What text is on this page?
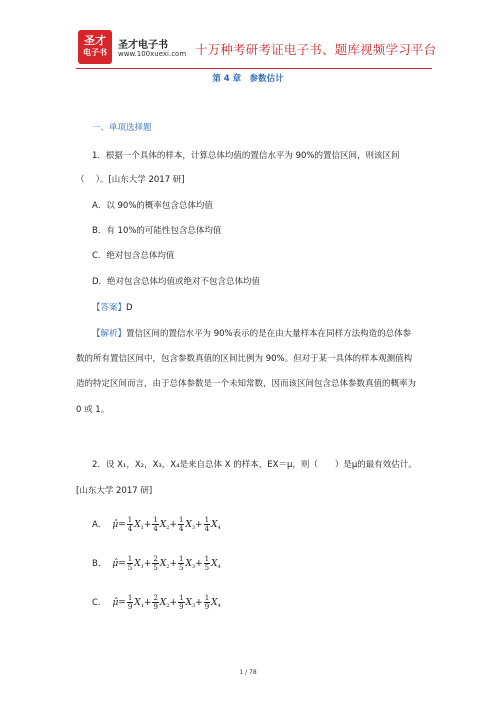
圣才
电子书
圣才电子书
www.100xuexi.com 十万种考研考证电子书、题库视频学习平台
第 4 章　参数估计
一、单项选择题
1．根据一个具体的样本，计算总体均值的置信水平为 90%的置信区间，则该区间
（　 ）。[山东大学 2017 研]
A．以 90%的概率包含总体均值
B．有 10%的可能性包含总体均值
C．绝对包含总体均值
D．绝对包含总体均值或绝对不包含总体均值
【答案】D
【解析】置信区间的置信水平为 90%表示的是在由大量样本在同样方法构造的总体参
数的所有置信区间中，包含参数真值的区间比例为 90%。但对于某一具体的样本观测值构
造的特定区间而言，由于总体参数是一个未知常数，因而该区间包含总体参数真值的概率为
0 或 1。
2．设 X₁，X₂，X₃，X₄是来自总体 X 的样本，EX＝μ，则（　　）是μ的最有效估计。
[山东大学 2017 研]
A． μ̂= $\frac{1}{4} X_1+ \frac{1}{4} X_2+ \frac{1}{4} X_3+ \frac{1}{4} X_4$
B． μ̂= $\frac{1}{5} X_1+ \frac{2}{5} X_2+ \frac{1}{5} X_3+ \frac{1}{5} X_4$
C． μ̂= $\frac{1}{9} X_1+ \frac{2}{9} X_2+ \frac{1}{9} X_3+ \frac{1}{9} X_4$
1 / 78
